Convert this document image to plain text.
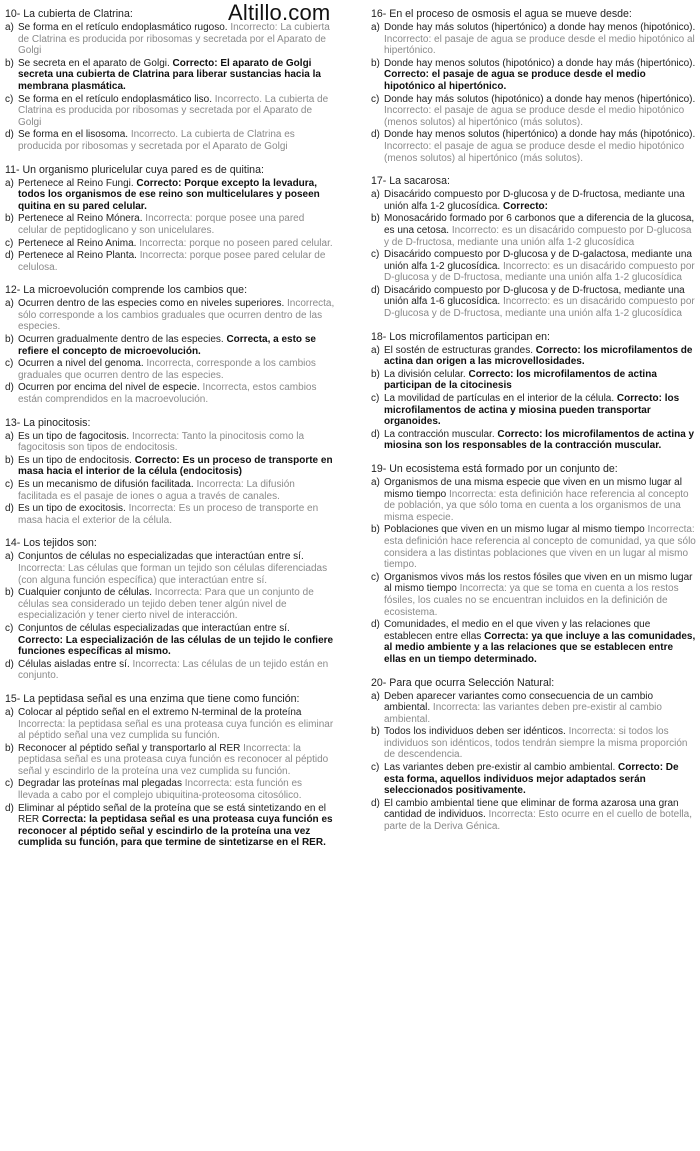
Altillo.com
10- La cubierta de Clatrina:
a) Se forma en el retículo endoplasmático rugoso. Incorrecto: La cubierta de Clatrina es producida por ribosomas y secretada por el Aparato de Golgi
b) Se secreta en el aparato de Golgi. Correcto: El aparato de Golgi secreta una cubierta de Clatrina para liberar sustancias hacia la membrana plasmática.
c) Se forma en el retículo endoplasmático liso. Incorrecto. La cubierta de Clatrina es producida por ribosomas y secretada por el Aparato de Golgi
d) Se forma en el lisosoma. Incorrecto. La cubierta de Clatrina es producida por ribosomas y secretada por el Aparato de Golgi
11- Un organismo pluricelular cuya pared es de quitina:
a) Pertenece al Reino Fungi. Correcto: Porque excepto la levadura, todos los organismos de ese reino son multicelulares y poseen quitina en su pared celular.
b) Pertenece al Reino Mónera. Incorrecta: porque posee una pared celular de peptidoglicano y son unicelulares.
c) Pertenece al Reino Anima. Incorrecta: porque no poseen pared celular.
d) Pertenece al Reino Planta. Incorrecta: porque posee pared celular de celulosa.
12- La microevolución comprende los cambios que:
a) Ocurren dentro de las especies como en niveles superiores. Incorrecta, sólo corresponde a los cambios graduales que ocurren dentro de las especies.
b) Ocurren gradualmente dentro de las especies. Correcta, a esto se refiere el concepto de microevolución.
c) Ocurren a nivel del genoma. Incorrecta, corresponde a los cambios graduales que ocurren dentro de las especies.
d) Ocurren por encima del nivel de especie. Incorrecta, estos cambios están comprendidos en la macroevolución.
13- La pinocitosis:
a) Es un tipo de fagocitosis. Incorrecta: Tanto la pinocitosis como la fagocitosis son tipos de endocitosis.
b) Es un tipo de endocitosis. Correcto: Es un proceso de transporte en masa hacia el interior de la célula (endocitosis)
c) Es un mecanismo de difusión facilitada. Incorrecta: La difusión facilitada es el pasaje de iones o agua a través de canales.
d) Es un tipo de exocitosis. Incorrecta: Es un proceso de transporte en masa hacia el exterior de la célula.
14- Los tejidos son:
a) Conjuntos de células no especializadas que interactúan entre sí. Incorrecta: Las células que forman un tejido son células diferenciadas (con alguna función específica) que interactúan entre sí.
b) Cualquier conjunto de células. Incorrecta: Para que un conjunto de células sea considerado un tejido deben tener algún nivel de especialización y tener cierto nivel de interacción.
c) Conjuntos de células especializadas que interactúan entre sí. Correcto: La especialización de las células de un tejido le confiere funciones específicas al mismo.
d) Células aisladas entre sí. Incorrecta: Las células de un tejido están en conjunto.
15- La peptidasa señal es una enzima que tiene como función:
a) Colocar al péptido señal en el extremo N-terminal de la proteína Incorrecta: la peptidasa señal es una proteasa cuya función es eliminar al péptido señal una vez cumplida su función.
b) Reconocer al péptido señal y transportarlo al RER Incorrecta: la peptidasa señal es una proteasa cuya función es reconocer al péptido señal y escindirlo de la proteína una vez cumplida su función.
c) Degradar las proteínas mal plegadas Incorrecta: esta función es llevada a cabo por el complejo ubiquitina-proteosoma citosólico.
d) Eliminar al péptido señal de la proteína que se está sintetizando en el RER Correcta: la peptidasa señal es una proteasa cuya función es reconocer al péptido señal y escindirlo de la proteína una vez cumplida su función, para que termine de sintetizarse en el RER.
16- En el proceso de osmosis el agua se mueve desde:
a) Donde hay más solutos (hipertónico) a donde hay menos (hipotónico). Incorrecto: el pasaje de agua se produce desde el medio hipotónico al hipertónico.
b) Donde hay menos solutos (hipotónico) a donde hay más (hipertónico). Correcto: el pasaje de agua se produce desde el medio hipotónico al hipertónico.
c) Donde hay más solutos (hipotónico) a donde hay menos (hipertónico). Incorrecto: el pasaje de agua se produce desde el medio hipotónico (menos solutos) al hipertónico (más solutos).
d) Donde hay menos solutos (hipertónico) a donde hay más (hipotónico). Incorrecto: el pasaje de agua se produce desde el medio hipotónico (menos solutos) al hipertónico (más solutos).
17- La sacarosa:
a) Disacárido compuesto por D-glucosa y de D-fructosa, mediante una unión alfa 1-2 glucosídica. Correcto:
b) Monosacárido formado por 6 carbonos que a diferencia de la glucosa, es una cetosa. Incorrecto: es un disacárido compuesto por D-glucosa y de D-fructosa, mediante una unión alfa 1-2 glucosídica
c) Disacárido compuesto por D-glucosa y de D-galactosa, mediante una unión alfa 1-2 glucosídica. Incorrecto: es un disacárido compuesto por D-glucosa y de D-fructosa, mediante una unión alfa 1-2 glucosídica
d) Disacárido compuesto por D-glucosa y de D-fructosa, mediante una unión alfa 1-6 glucosídica. Incorrecto: es un disacárido compuesto por D-glucosa y de D-fructosa, mediante una unión alfa 1-2 glucosídica
18- Los microfilamentos participan en:
a) El sostén de estructuras grandes. Correcto: los microfilamentos de actina dan origen a las microvellosidades.
b) La división celular. Correcto: los microfilamentos de actina participan de la citocinesis
c) La movilidad de partículas en el interior de la célula. Correcto: los microfilamentos de actina y miosina pueden transportar organoides.
d) La contracción muscular. Correcto: los microfilamentos de actina y miosina son los responsables de la contracción muscular.
19- Un ecosistema está formado por un conjunto de:
a) Organismos de una misma especie que viven en un mismo lugar al mismo tiempo Incorrecta: esta definición hace referencia al concepto de población, ya que sólo toma en cuenta a los organismos de una misma especie.
b) Poblaciones que viven en un mismo lugar al mismo tiempo Incorrecta: esta definición hace referencia al concepto de comunidad, ya que sólo considera a las distintas poblaciones que viven en un lugar al mismo tiempo.
c) Organismos vivos más los restos fósiles que viven en un mismo lugar al mismo tiempo Incorrecta: ya que se toma en cuenta a los restos fósiles, los cuales no se encuentran incluidos en la definición de ecosistema.
d) Comunidades, el medio en el que viven y las relaciones que establecen entre ellas Correcta: ya que incluye a las comunidades, al medio ambiente y a las relaciones que se establecen entre ellas en un tiempo determinado.
20- Para que ocurra Selección Natural:
a) Deben aparecer variantes como consecuencia de un cambio ambiental. Incorrecta: las variantes deben pre-existir al cambio ambiental.
b) Todos los individuos deben ser idénticos. Incorrecta: si todos los individuos son idénticos, todos tendrán siempre la misma proporción de descendencia.
c) Las variantes deben pre-existir al cambio ambiental. Correcto: De esta forma, aquellos individuos mejor adaptados serán seleccionados positivamente.
d) El cambio ambiental tiene que eliminar de forma azarosa una gran cantidad de individuos. Incorrecta: Esto ocurre en el cuello de botella, parte de la Deriva Génica.
